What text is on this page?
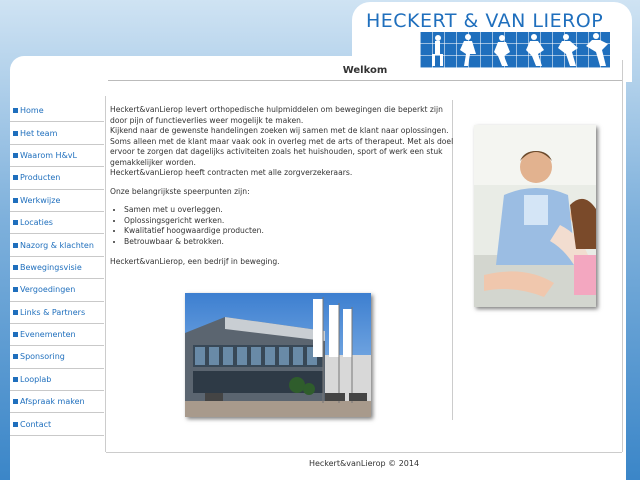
HECKERT & VAN LIEROP
Welkom
Home
Het team
Waarom H&vL
Producten
Werkwijze
Locaties
Nazorg & klachten
Bewegingsvisie
Vergoedingen
Links & Partners
Evenementen
Sponsoring
Looplab
Afspraak maken
Contact

Heckert&vanLierop levert orthopedische hulpmiddelen om bewegingen die beperkt zijn door pijn of functieverlies weer mogelijk te maken.
Kijkend naar de gewenste handelingen zoeken wij samen met de klant naar oplossingen. Soms alleen met de klant maar vaak ook in overleg met de arts of therapeut. Met als doel ervoor te zorgen dat dagelijks activiteiten zoals het huishouden, sport of werk een stuk gemakkelijker worden.
Heckert&vanLierop heeft contracten met alle zorgverzekeraars.

Onze belangrijkste speerpunten zijn:

• Samen met u overleggen.
• Oplossingsgericht werken.
• Kwalitatief hoogwaardige producten.
• Betrouwbaar & betrokken.

Heckert&vanLierop, een bedrijf in beweging.

Heckert&vanLierop © 2014
